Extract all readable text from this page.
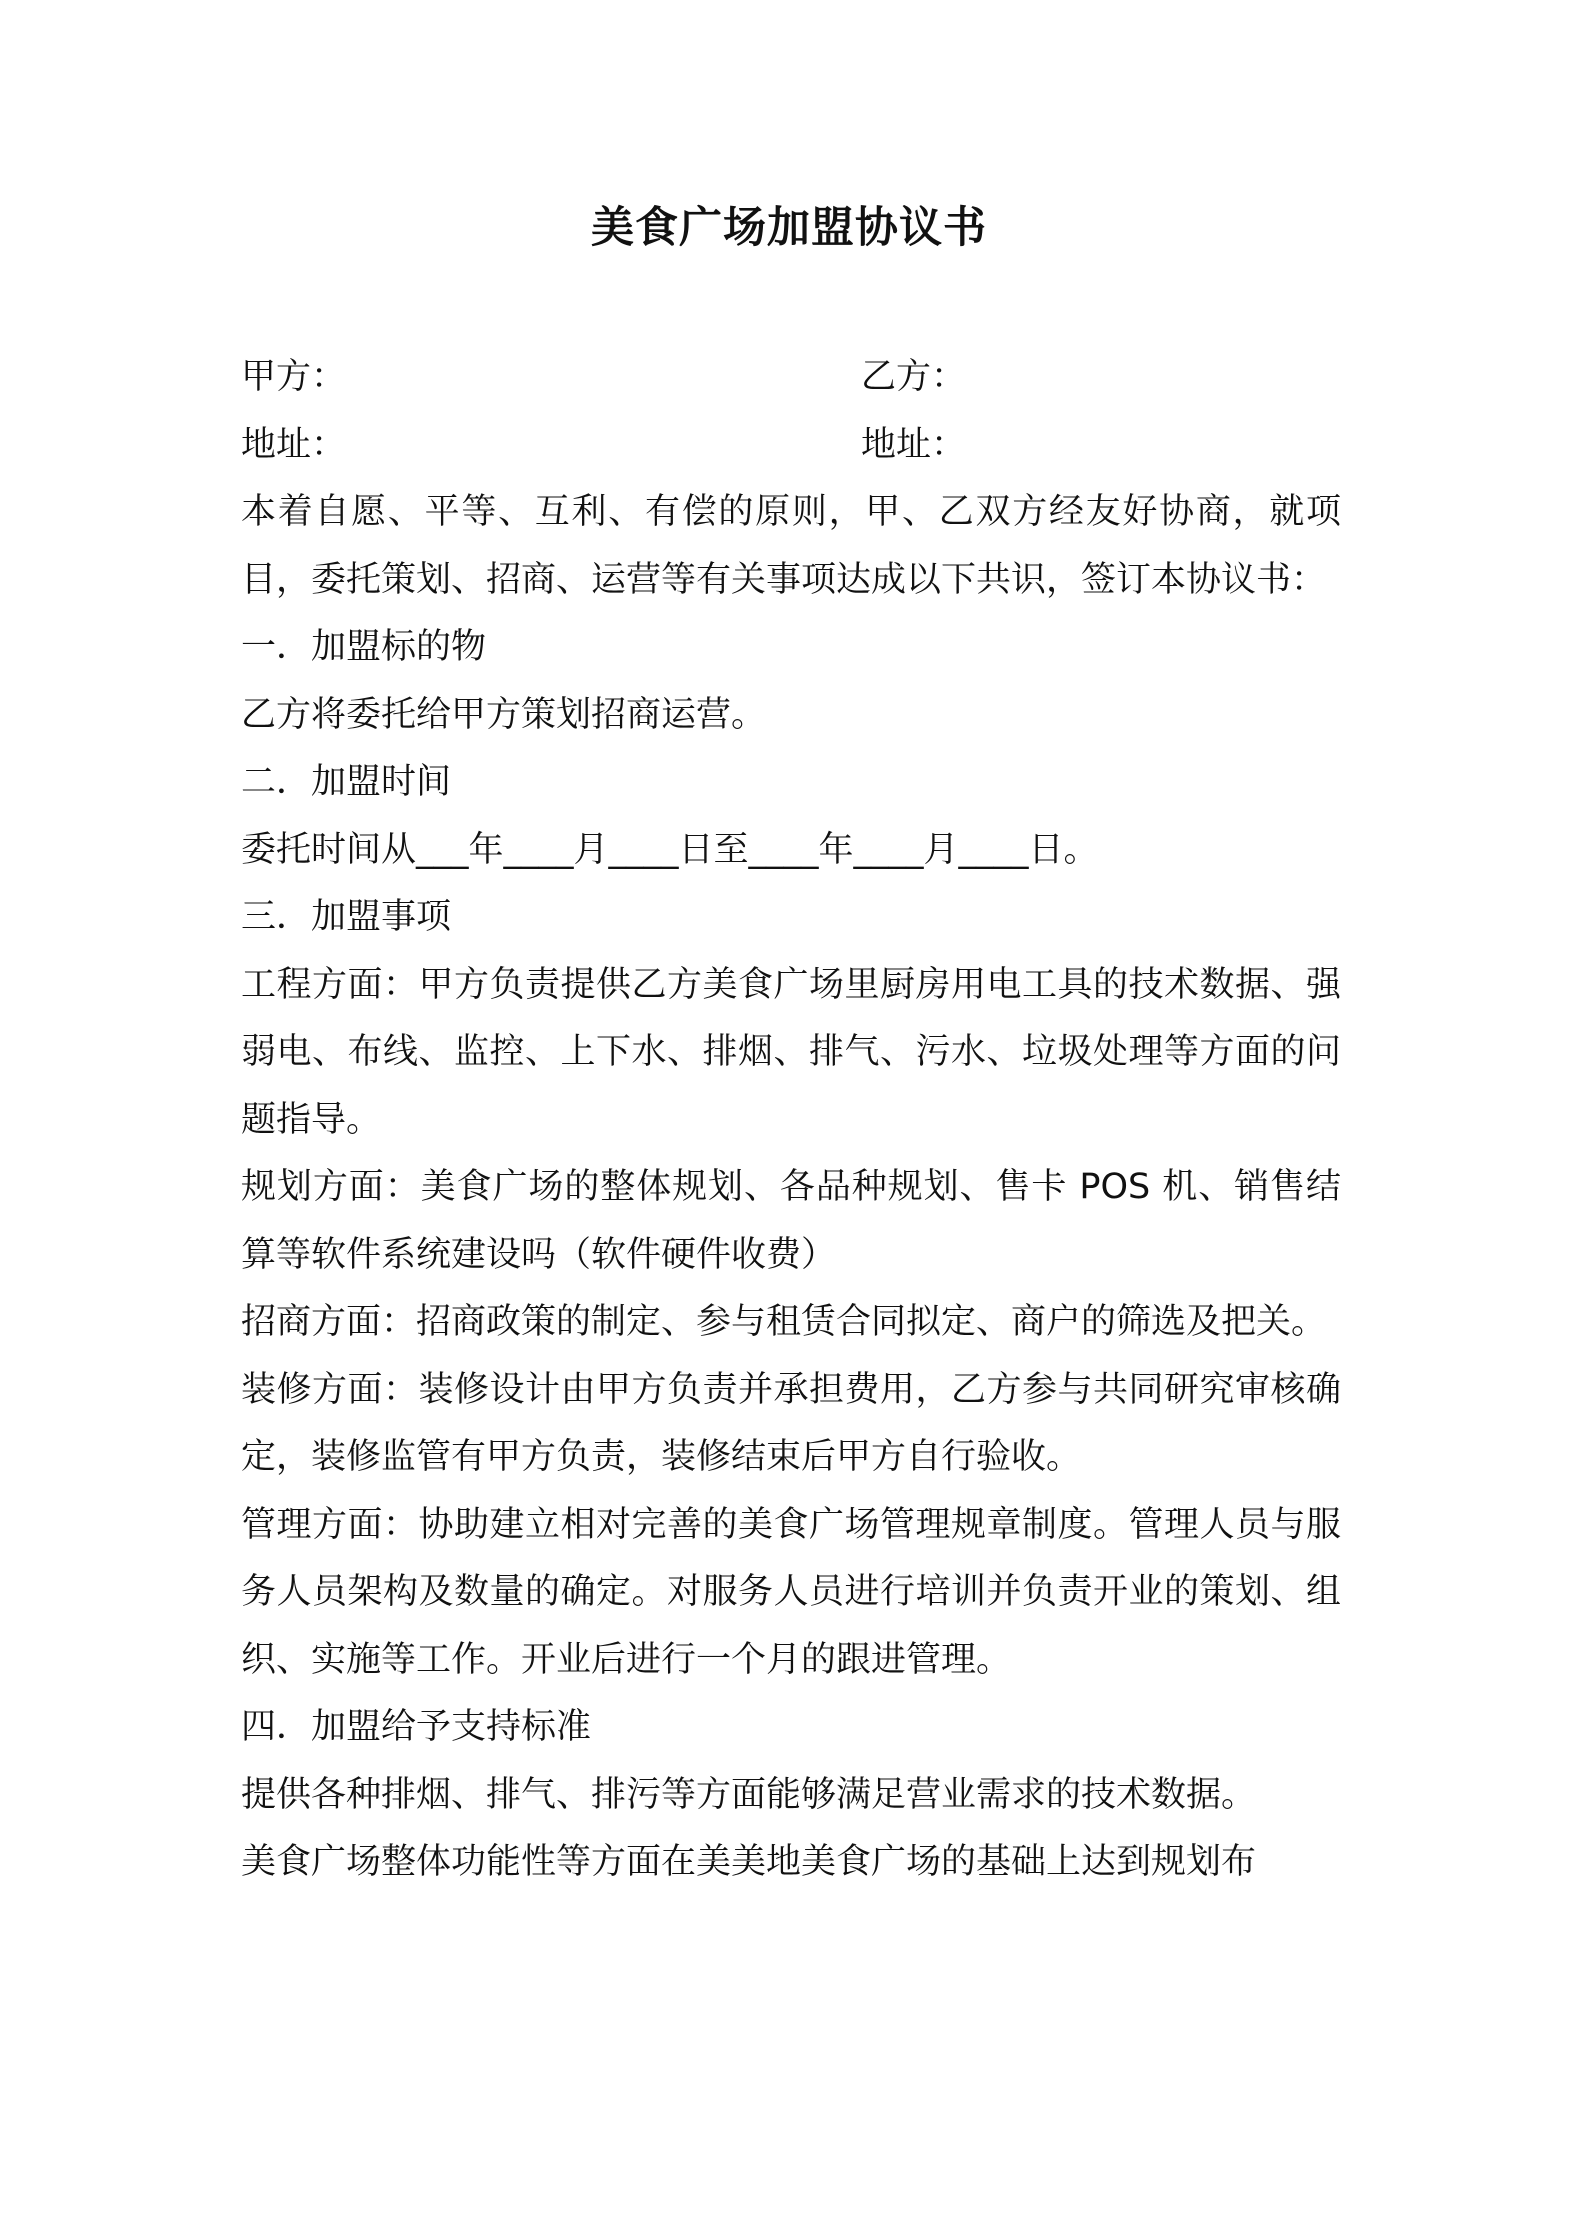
美食广场加盟协议书
甲方：	乙方：
地址：	地址：
本着自愿、平等、互利、有偿的原则，甲、乙双方经友好协商，就项目，委托策划、招商、运营等有关事项达成以下共识，签订本协议书：
一．加盟标的物
乙方将委托给甲方策划招商运营。
二．加盟时间
委托时间从___年____月____日至____年____月____日。
三．加盟事项
工程方面：甲方负责提供乙方美食广场里厨房用电工具的技术数据、强弱电、布线、监控、上下水、排烟、排气、污水、垃圾处理等方面的问题指导。
规划方面：美食广场的整体规划、各品种规划、售卡 POS 机、销售结算等软件系统建设吗（软件硬件收费）
招商方面：招商政策的制定、参与租赁合同拟定、商户的筛选及把关。
装修方面：装修设计由甲方负责并承担费用，乙方参与共同研究审核确定，装修监管有甲方负责，装修结束后甲方自行验收。
管理方面：协助建立相对完善的美食广场管理规章制度。管理人员与服务人员架构及数量的确定。对服务人员进行培训并负责开业的策划、组织、实施等工作。开业后进行一个月的跟进管理。
四．加盟给予支持标准
提供各种排烟、排气、排污等方面能够满足营业需求的技术数据。
美食广场整体功能性等方面在美美地美食广场的基础上达到规划布
